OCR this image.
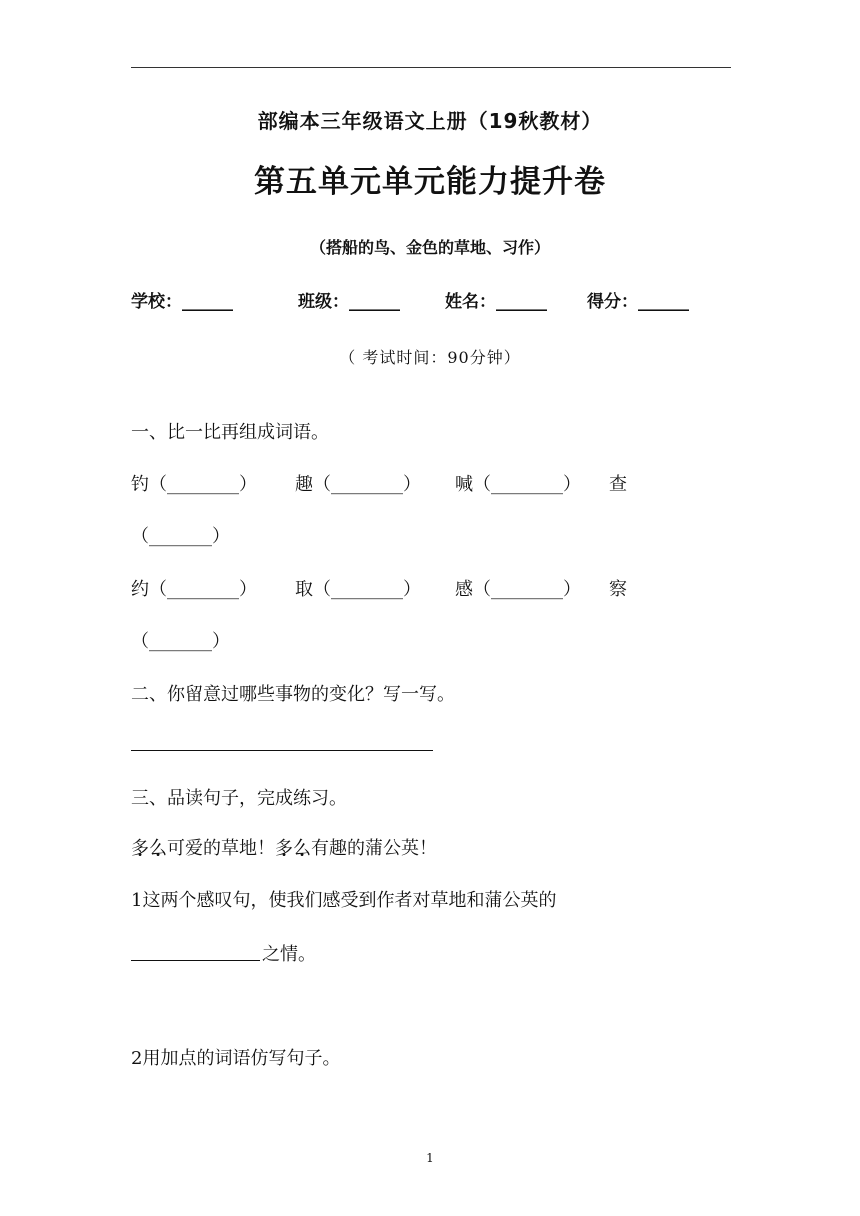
部编本三年级语文上册（19秋教材）
第五单元单元能力提升卷
（搭船的鸟、金色的草地、习作）
学校：______	班级：______	姓名：______ 得分：______
（ 考试时间：90分钟）
一、比一比再组成词语。
钓（________） 趣（________） 喊（________） 查
（_______）
约（________） 取（________） 感（________） 察
（_______）
二、你留意过哪些事物的变化？写一写。
三、品读句子，完成练习。
多么可爱的草地！多么有趣的蒲公英！
1这两个感叹句，使我们感受到作者对草地和蒲公英的
之情。
2用加点的词语仿写句子。
1
